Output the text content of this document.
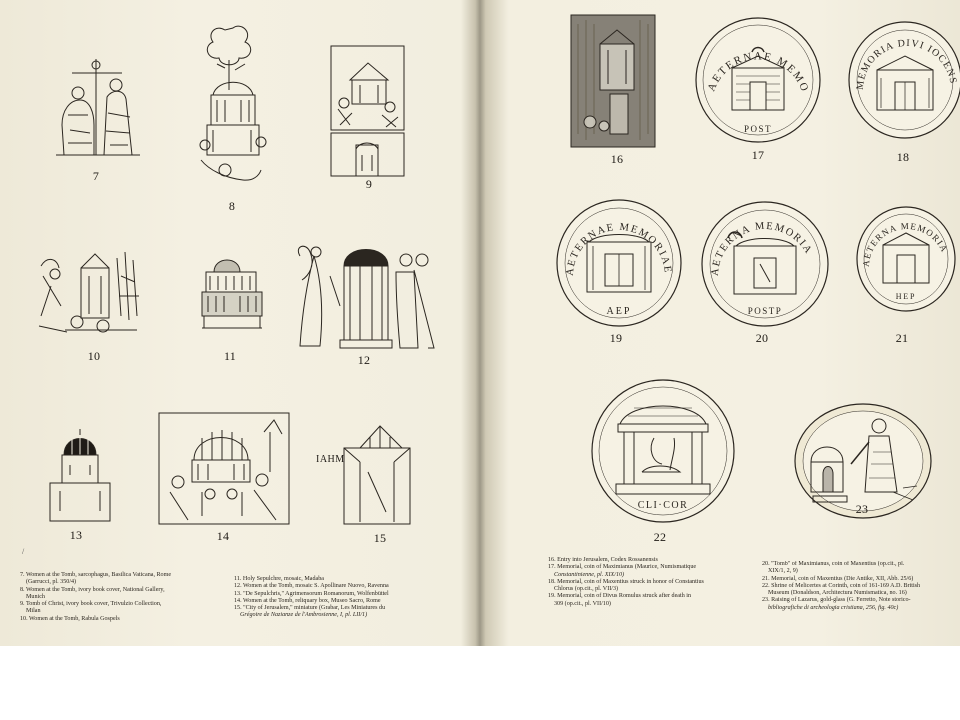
7
8
9
10	11	12
13	14
IAHM
15
/
7. Women at the Tomb, sarcophagus, Basilica Vaticana, Rome
(Garrucci, pl. 350/4)
8. Women at the Tomb, ivory book cover, National Gallery,
Munich
9. Tomb of Christ, ivory book cover, Trivulzio Collection,
Milan
10. Women at the Tomb, Rabula Gospels
11. Holy Sepulchre, mosaic, Madaba
12. Women at the Tomb, mosaic S. Apollinare Nuovo, Ravenna
13. "De Sepulchris," Agrimensorum Romanorum, Wolfenbüttel
14. Women at the Tomb, reliquary box, Museo Sacro, Rome
15. "City of Jerusalem," miniature (Grabar, Les Miniatures du
Grégoire de Nazianze de l'Ambrosienne, I, pl. LII/1)
16
AETERNAE MEMORIAE
POST
17
MEMORIA DIVI IOCENS
18
AETERNAE MEMORIAE
AEP
19
AETERNA MEMORIA
POSTP
20
AETERNA MEMORIA
HEP
21
CLI·COR
22
23
16. Entry into Jerusalem, Codex Rossanensis
17. Memorial, coin of Maximianus (Maurice, Numismatique
Constantinienne, pl. XIX/10)
18. Memorial, coin of Maxentius struck in honor of Constantius
Chlorus (op.cit., pl. VII/3)
19. Memorial, coin of Divus Romulus struck after death in
309 (op.cit., pl. VII/10)
20. "Tomb" of Maximianus, coin of Maxentius (op.cit., pl.
XIX/1, 2, 9)
21. Memorial, coin of Maxentius (Die Antike, XII, Abb. 25/6)
22. Shrine of Melicertes at Corinth, coin of 161-169 A.D. British
Museum (Donaldson, Architectura Numismatica, no. 16)
23. Raising of Lazarus, gold-glass (G. Ferretto, Note storico-
bibliografiche di archeologia cristiana, 256, fig. 40c)
